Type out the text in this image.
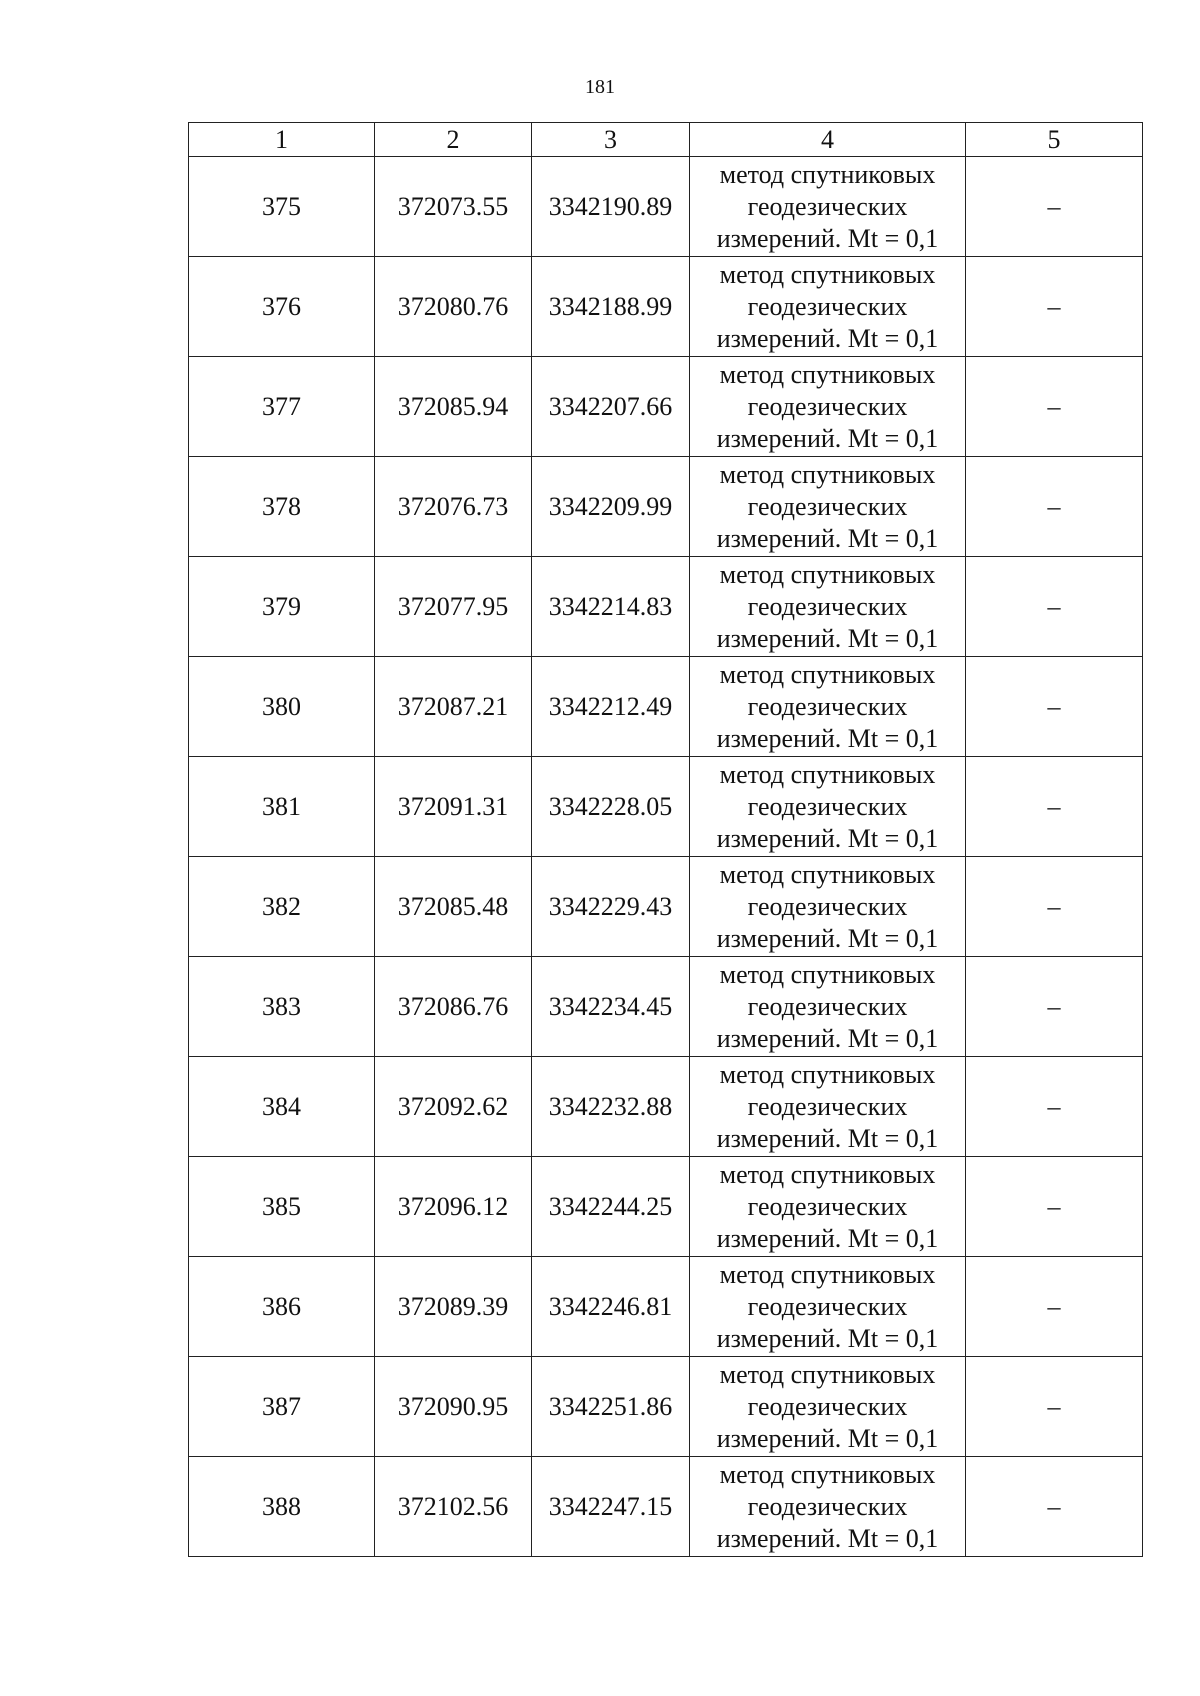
181
1	2	3	4	5
375	372073.55	3342190.89	метод спутниковых
геодезических
измерений. Mt = 0,1	–
376	372080.76	3342188.99	метод спутниковых
геодезических
измерений. Mt = 0,1	–
377	372085.94	3342207.66	метод спутниковых
геодезических
измерений. Mt = 0,1	–
378	372076.73	3342209.99	метод спутниковых
геодезических
измерений. Mt = 0,1	–
379	372077.95	3342214.83	метод спутниковых
геодезических
измерений. Mt = 0,1	–
380	372087.21	3342212.49	метод спутниковых
геодезических
измерений. Mt = 0,1	–
381	372091.31	3342228.05	метод спутниковых
геодезических
измерений. Mt = 0,1	–
382	372085.48	3342229.43	метод спутниковых
геодезических
измерений. Mt = 0,1	–
383	372086.76	3342234.45	метод спутниковых
геодезических
измерений. Mt = 0,1	–
384	372092.62	3342232.88	метод спутниковых
геодезических
измерений. Mt = 0,1	–
385	372096.12	3342244.25	метод спутниковых
геодезических
измерений. Mt = 0,1	–
386	372089.39	3342246.81	метод спутниковых
геодезических
измерений. Mt = 0,1	–
387	372090.95	3342251.86	метод спутниковых
геодезических
измерений. Mt = 0,1	–
388	372102.56	3342247.15	метод спутниковых
геодезических
измерений. Mt = 0,1	–
